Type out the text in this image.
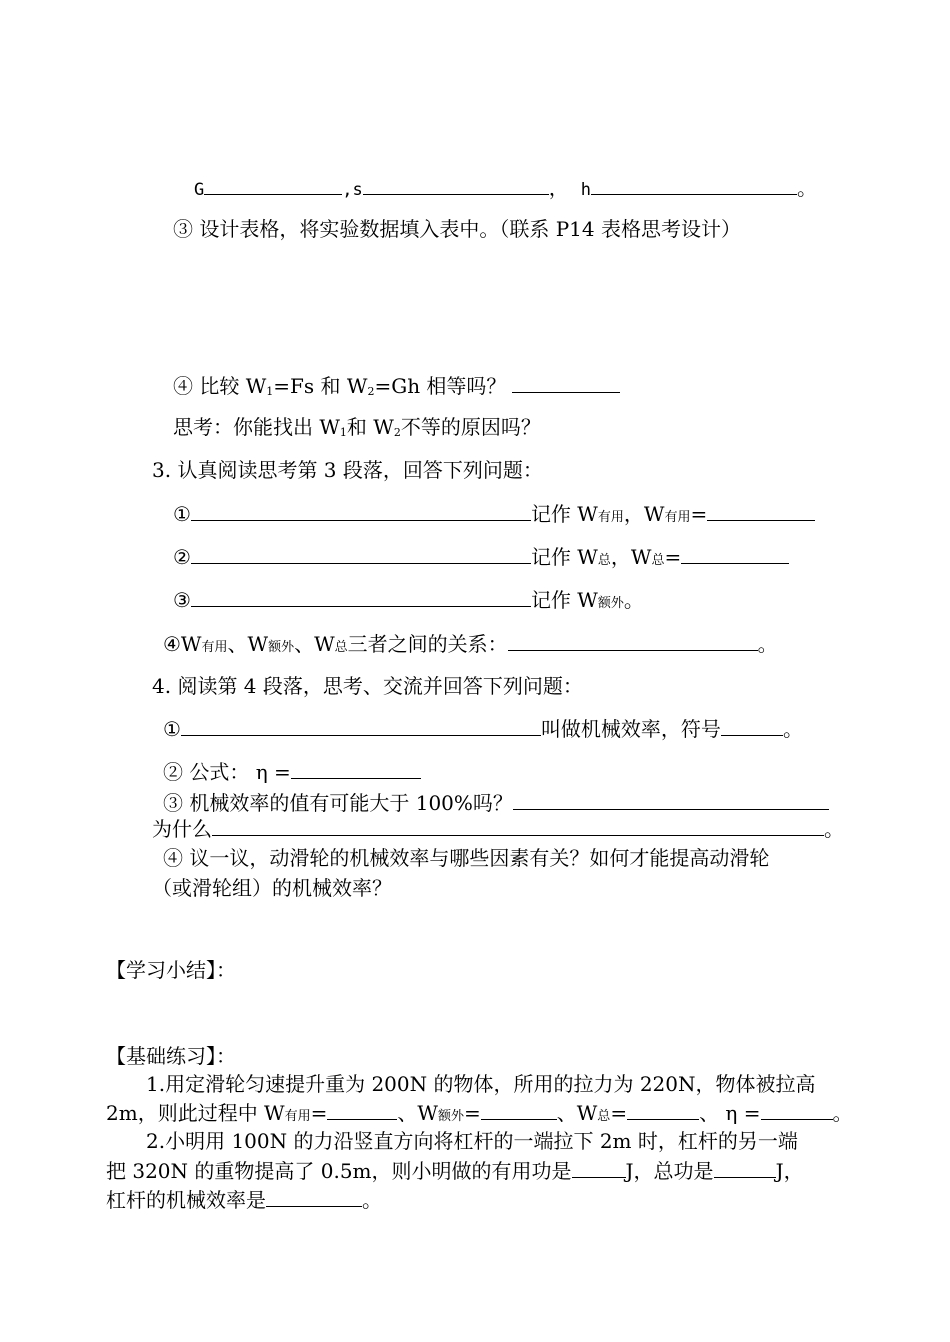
G	,s	， h	。
③ 设计表格，将实验数据填入表中。（联系 P14 表格思考设计）
④ 比较 $W_1=Fs$ 和 $W_2=Gh$ 相等吗？
思考：你能找出 $W_1$和 $W_2$不等的原因吗？
3. 认真阅读思考第 3 段落，回答下列问题：
①	记作 W有用，W有用=
②	记作 W总，W总=
③	记作 W额外。
④W有用、W额外、W总三者之间的关系：	。
4. 阅读第 4 段落，思考、交流并回答下列问题：
①	叫做机械效率，符号	。
② 公式： η =
③ 机械效率的值有可能大于 100%吗？
为什么	。
④ 议一议，动滑轮的机械效率与哪些因素有关？如何才能提高动滑轮
（或滑轮组）的机械效率？
【学习小结】：
【基础练习】：
1.用定滑轮匀速提升重为 200N 的物体，所用的拉力为 220N，物体被拉高
2m，则此过程中 W有用=	、W额外=	、W总=	、 η =	。
2.小明用 100N 的力沿竖直方向将杠杆的一端拉下 2m 时，杠杆的另一端
把 320N 的重物提高了 0.5m，则小明做的有用功是	J，总功是	J，
杠杆的机械效率是	。
